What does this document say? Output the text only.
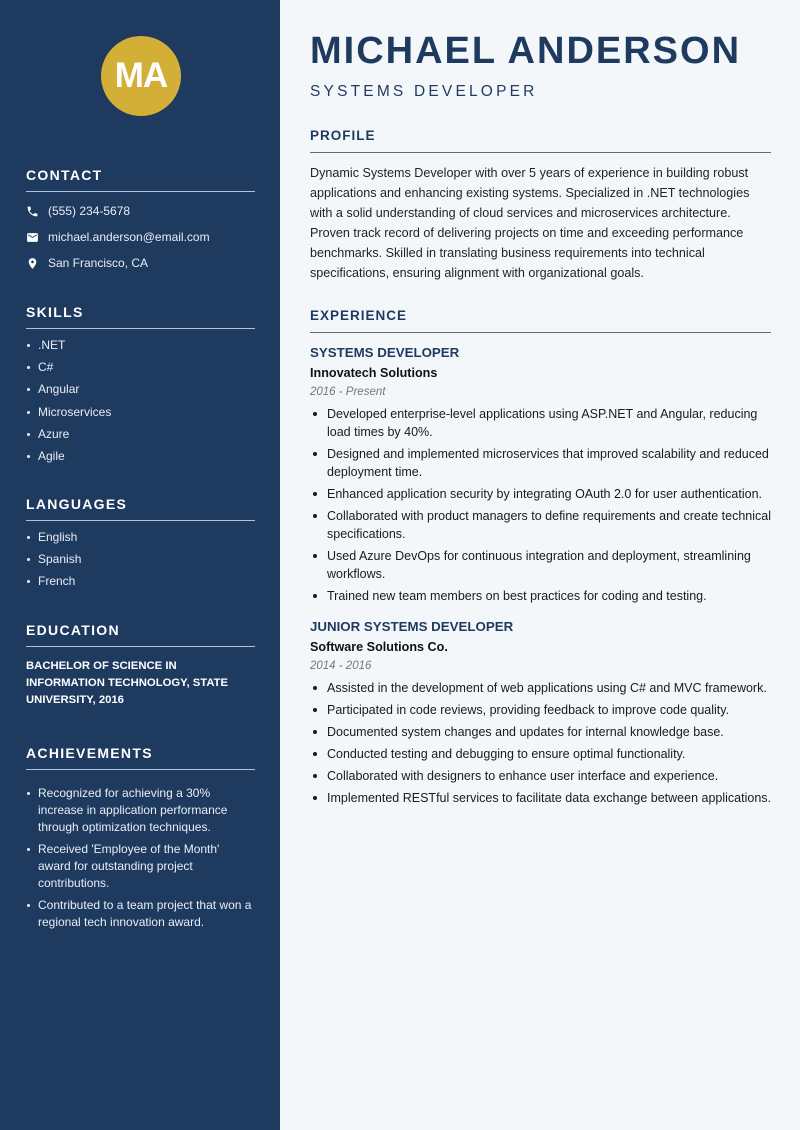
MA
CONTACT
(555) 234-5678
michael.anderson@email.com
San Francisco, CA
SKILLS
.NET
C#
Angular
Microservices
Azure
Agile
LANGUAGES
English
Spanish
French
EDUCATION

BACHELOR OF SCIENCE IN INFORMATION TECHNOLOGY, STATE UNIVERSITY, 2016

ACHIEVEMENTS
Recognized for achieving a 30% increase in application performance through optimization techniques.
Received 'Employee of the Month' award for outstanding project contributions.
Contributed to a team project that won a regional tech innovation award.
MICHAEL ANDERSON
SYSTEMS DEVELOPER
PROFILE

Dynamic Systems Developer with over 5 years of experience in building robust applications and enhancing existing systems. Specialized in .NET technologies with a solid understanding of cloud services and microservices architecture. Proven track record of delivering projects on time and exceeding performance benchmarks. Skilled in translating business requirements into technical specifications, ensuring alignment with organizational goals.

EXPERIENCE
SYSTEMS DEVELOPER
Innovatech Solutions
2016 - Present
Developed enterprise-level applications using ASP.NET and Angular, reducing load times by 40%.
Designed and implemented microservices that improved scalability and reduced deployment time.
Enhanced application security by integrating OAuth 2.0 for user authentication.
Collaborated with product managers to define requirements and create technical specifications.
Used Azure DevOps for continuous integration and deployment, streamlining workflows.
Trained new team members on best practices for coding and testing.
JUNIOR SYSTEMS DEVELOPER
Software Solutions Co.
2014 - 2016
Assisted in the development of web applications using C# and MVC framework.
Participated in code reviews, providing feedback to improve code quality.
Documented system changes and updates for internal knowledge base.
Conducted testing and debugging to ensure optimal functionality.
Collaborated with designers to enhance user interface and experience.
Implemented RESTful services to facilitate data exchange between applications.
